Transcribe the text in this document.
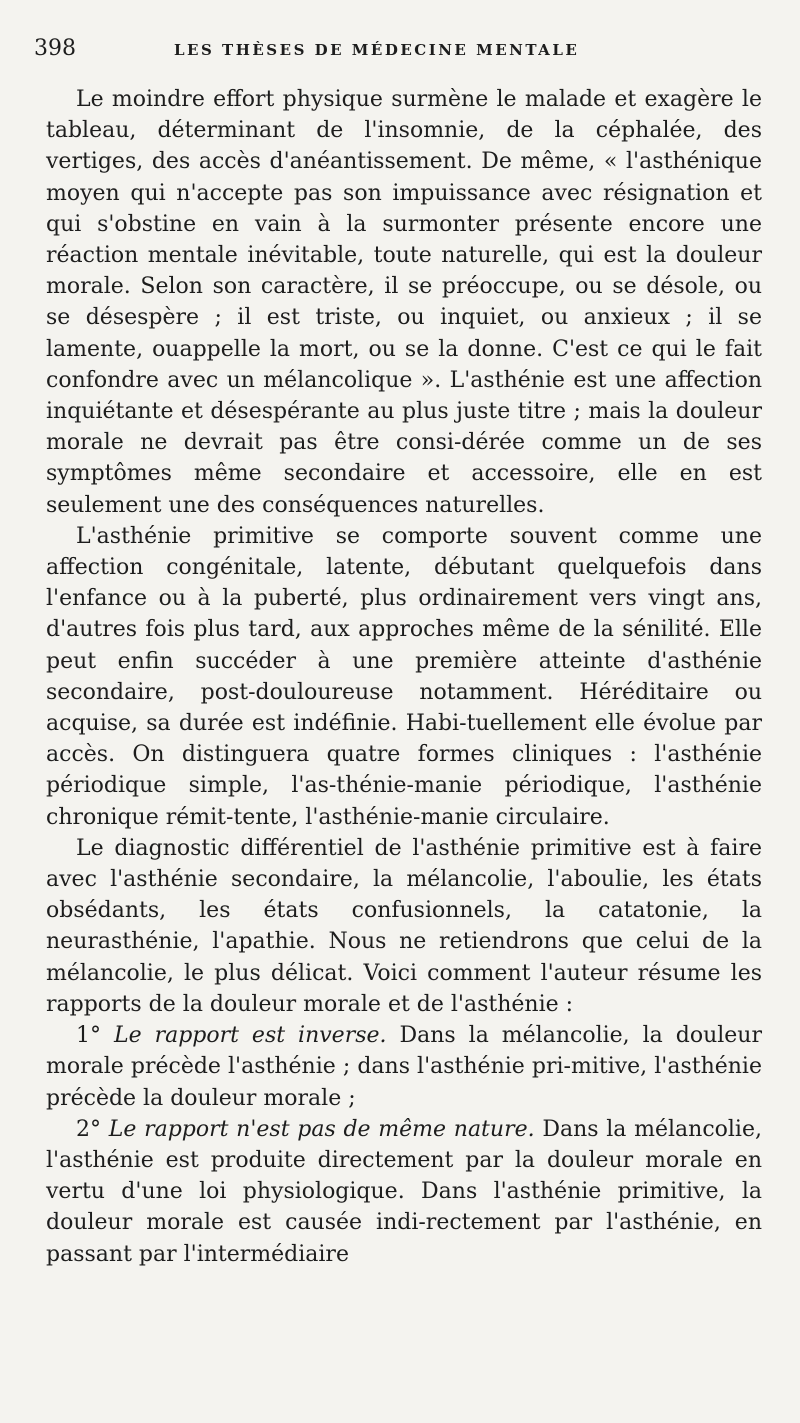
398	LES THÈSES DE MÉDECINE MENTALE

Le moindre effort physique surmène le malade et exagère le tableau, déterminant de l'insomnie, de la céphalée, des vertiges, des accès d'anéantissement. De même, « l'asthénique moyen qui n'accepte pas son impuissance avec résignation et qui s'obstine en vain à la surmonter présente encore une réaction mentale inévitable, toute naturelle, qui est la douleur morale. Selon son caractère, il se préoccupe, ou se désole, ou se désespère ; il est triste, ou inquiet, ou anxieux ; il se lamente, ouappelle la mort, ou se la donne. C'est ce qui le fait confondre avec un mélancolique ». L'asthénie est une affection inquiétante et désespérante au plus juste titre ; mais la douleur morale ne devrait pas être consi-dérée comme un de ses symptômes même secondaire et accessoire, elle en est seulement une des conséquences naturelles.

L'asthénie primitive se comporte souvent comme une affection congénitale, latente, débutant quelquefois dans l'enfance ou à la puberté, plus ordinairement vers vingt ans, d'autres fois plus tard, aux approches même de la sénilité. Elle peut enfin succéder à une première atteinte d'asthénie secondaire, post-douloureuse notamment. Héréditaire ou acquise, sa durée est indéfinie. Habi-tuellement elle évolue par accès. On distinguera quatre formes cliniques : l'asthénie périodique simple, l'as-thénie-manie périodique, l'asthénie chronique rémit-tente, l'asthénie-manie circulaire.

Le diagnostic différentiel de l'asthénie primitive est à faire avec l'asthénie secondaire, la mélancolie, l'aboulie, les états obsédants, les états confusionnels, la catatonie, la neurasthénie, l'apathie. Nous ne retiendrons que celui de la mélancolie, le plus délicat. Voici comment l'auteur résume les rapports de la douleur morale et de l'asthénie :

1° Le rapport est inverse. Dans la mélancolie, la douleur morale précède l'asthénie ; dans l'asthénie pri-mitive, l'asthénie précède la douleur morale ;

2° Le rapport n'est pas de même nature. Dans la mélancolie, l'asthénie est produite directement par la douleur morale en vertu d'une loi physiologique. Dans l'asthénie primitive, la douleur morale est causée indi-rectement par l'asthénie, en passant par l'intermédiaire
